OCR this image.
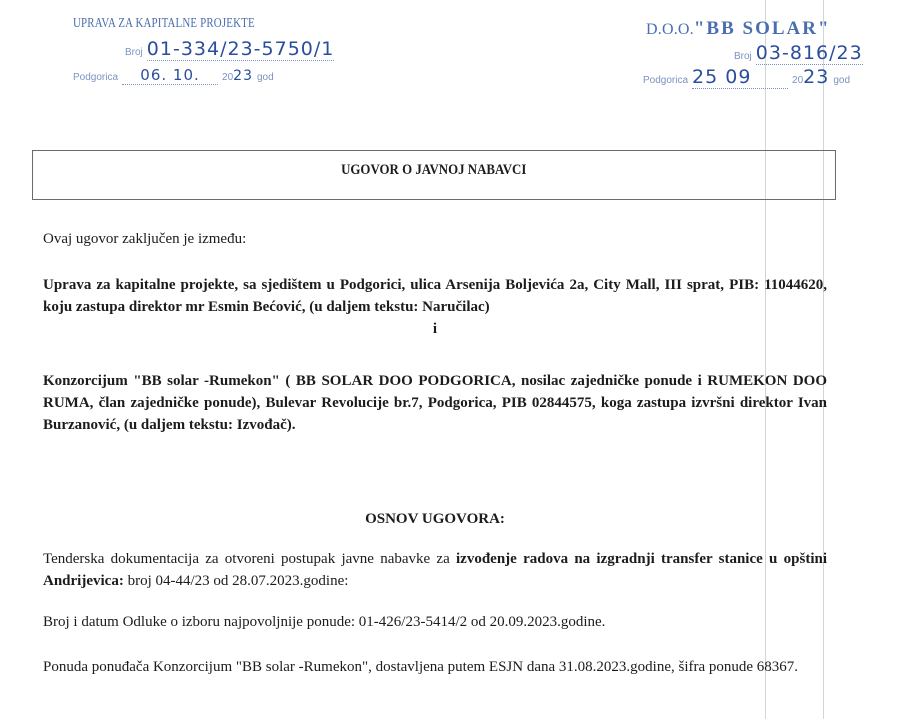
UPRAVA ZA KAPITALNE PROJEKTE
Broj 01-334/23-5750/1
Podgorica 06. 10. 2023 god
D.O.O."BB SOLAR"
Broj 03-816/23
Podgorica 25 09	2023 god
UGOVOR O JAVNOJ NABAVCI
Ovaj ugovor zaključen je između:
Uprava za kapitalne projekte, sa sjedištem u Podgorici, ulica Arsenija Boljevića 2a, City Mall, III sprat, PIB: 11044620, koju zastupa direktor mr Esmin Bećović, (u daljem tekstu: Naručilac)
i
Konzorcijum "BB solar -Rumekon" ( BB SOLAR DOO PODGORICA, nosilac zajedničke ponude i RUMEKON DOO RUMA, član zajedničke ponude), Bulevar Revolucije br.7, Podgorica, PIB 02844575, koga zastupa izvršni direktor Ivan Burzanović, (u daljem tekstu: Izvođač).
OSNOV UGOVORA:
Tenderska dokumentacija za otvoreni postupak javne nabavke za izvođenje radova na izgradnji transfer stanice u opštini Andrijevica: broj 04-44/23 od 28.07.2023.godine:
Broj i datum Odluke o izboru najpovoljnije ponude: 01-426/23-5414/2 od 20.09.2023.godine.
Ponuda ponuđača Konzorcijum "BB solar -Rumekon", dostavljena putem ESJN dana 31.08.2023.godine, šifra ponude 68367.
